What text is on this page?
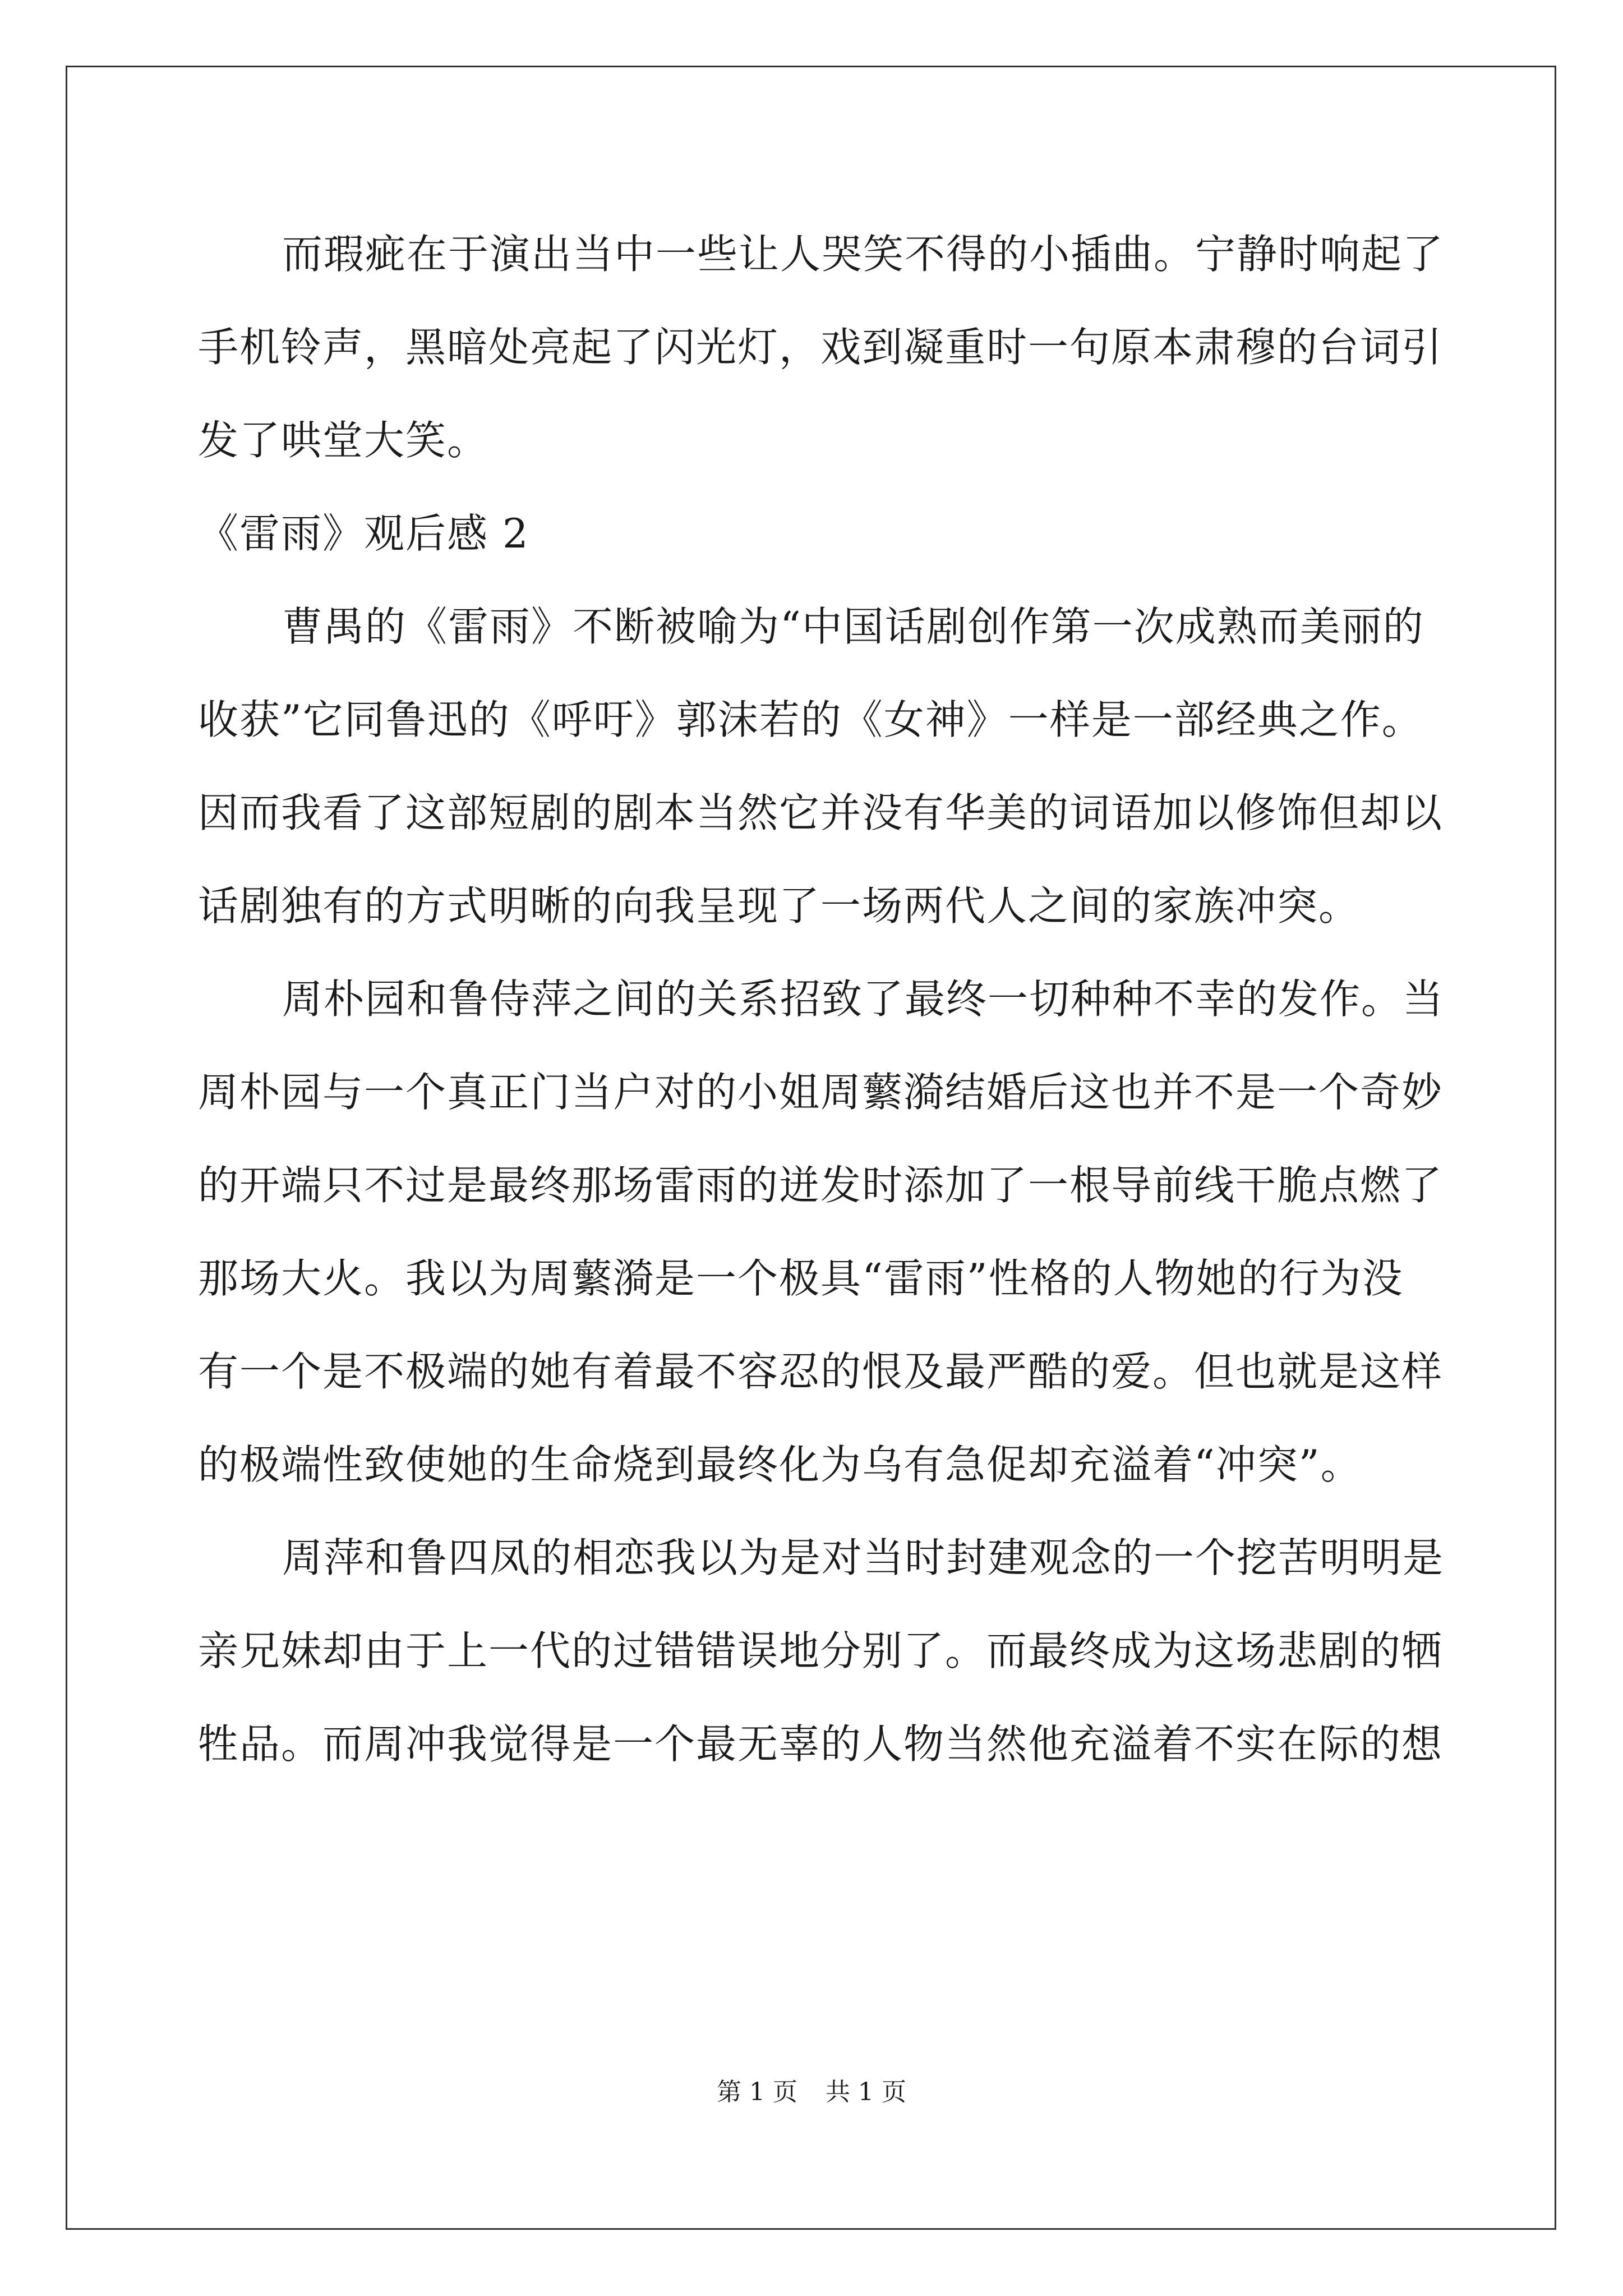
而瑕疵在于演出当中一些让人哭笑不得的小插曲。宁静时响起了
手机铃声，黑暗处亮起了闪光灯，戏到凝重时一句原本肃穆的台词引
发了哄堂大笑。
《雷雨》观后感 2
曹禺的《雷雨》不断被喻为“中国话剧创作第一次成熟而美丽的
收获”它同鲁迅的《呼吁》郭沫若的《女神》一样是一部经典之作。
因而我看了这部短剧的剧本当然它并没有华美的词语加以修饰但却以
话剧独有的方式明晰的向我呈现了一场两代人之间的家族冲突。
周朴园和鲁侍萍之间的关系招致了最终一切种种不幸的发作。当
周朴园与一个真正门当户对的小姐周蘩漪结婚后这也并不是一个奇妙
的开端只不过是最终那场雷雨的迸发时添加了一根导前线干脆点燃了
那场大火。我以为周蘩漪是一个极具“雷雨”性格的人物她的行为没
有一个是不极端的她有着最不容忍的恨及最严酷的爱。但也就是这样
的极端性致使她的生命烧到最终化为乌有急促却充溢着“冲突”。
周萍和鲁四凤的相恋我以为是对当时封建观念的一个挖苦明明是
亲兄妹却由于上一代的过错错误地分别了。而最终成为这场悲剧的牺
牲品。而周冲我觉得是一个最无辜的人物当然他充溢着不实在际的想
第 1 页 共 1 页
